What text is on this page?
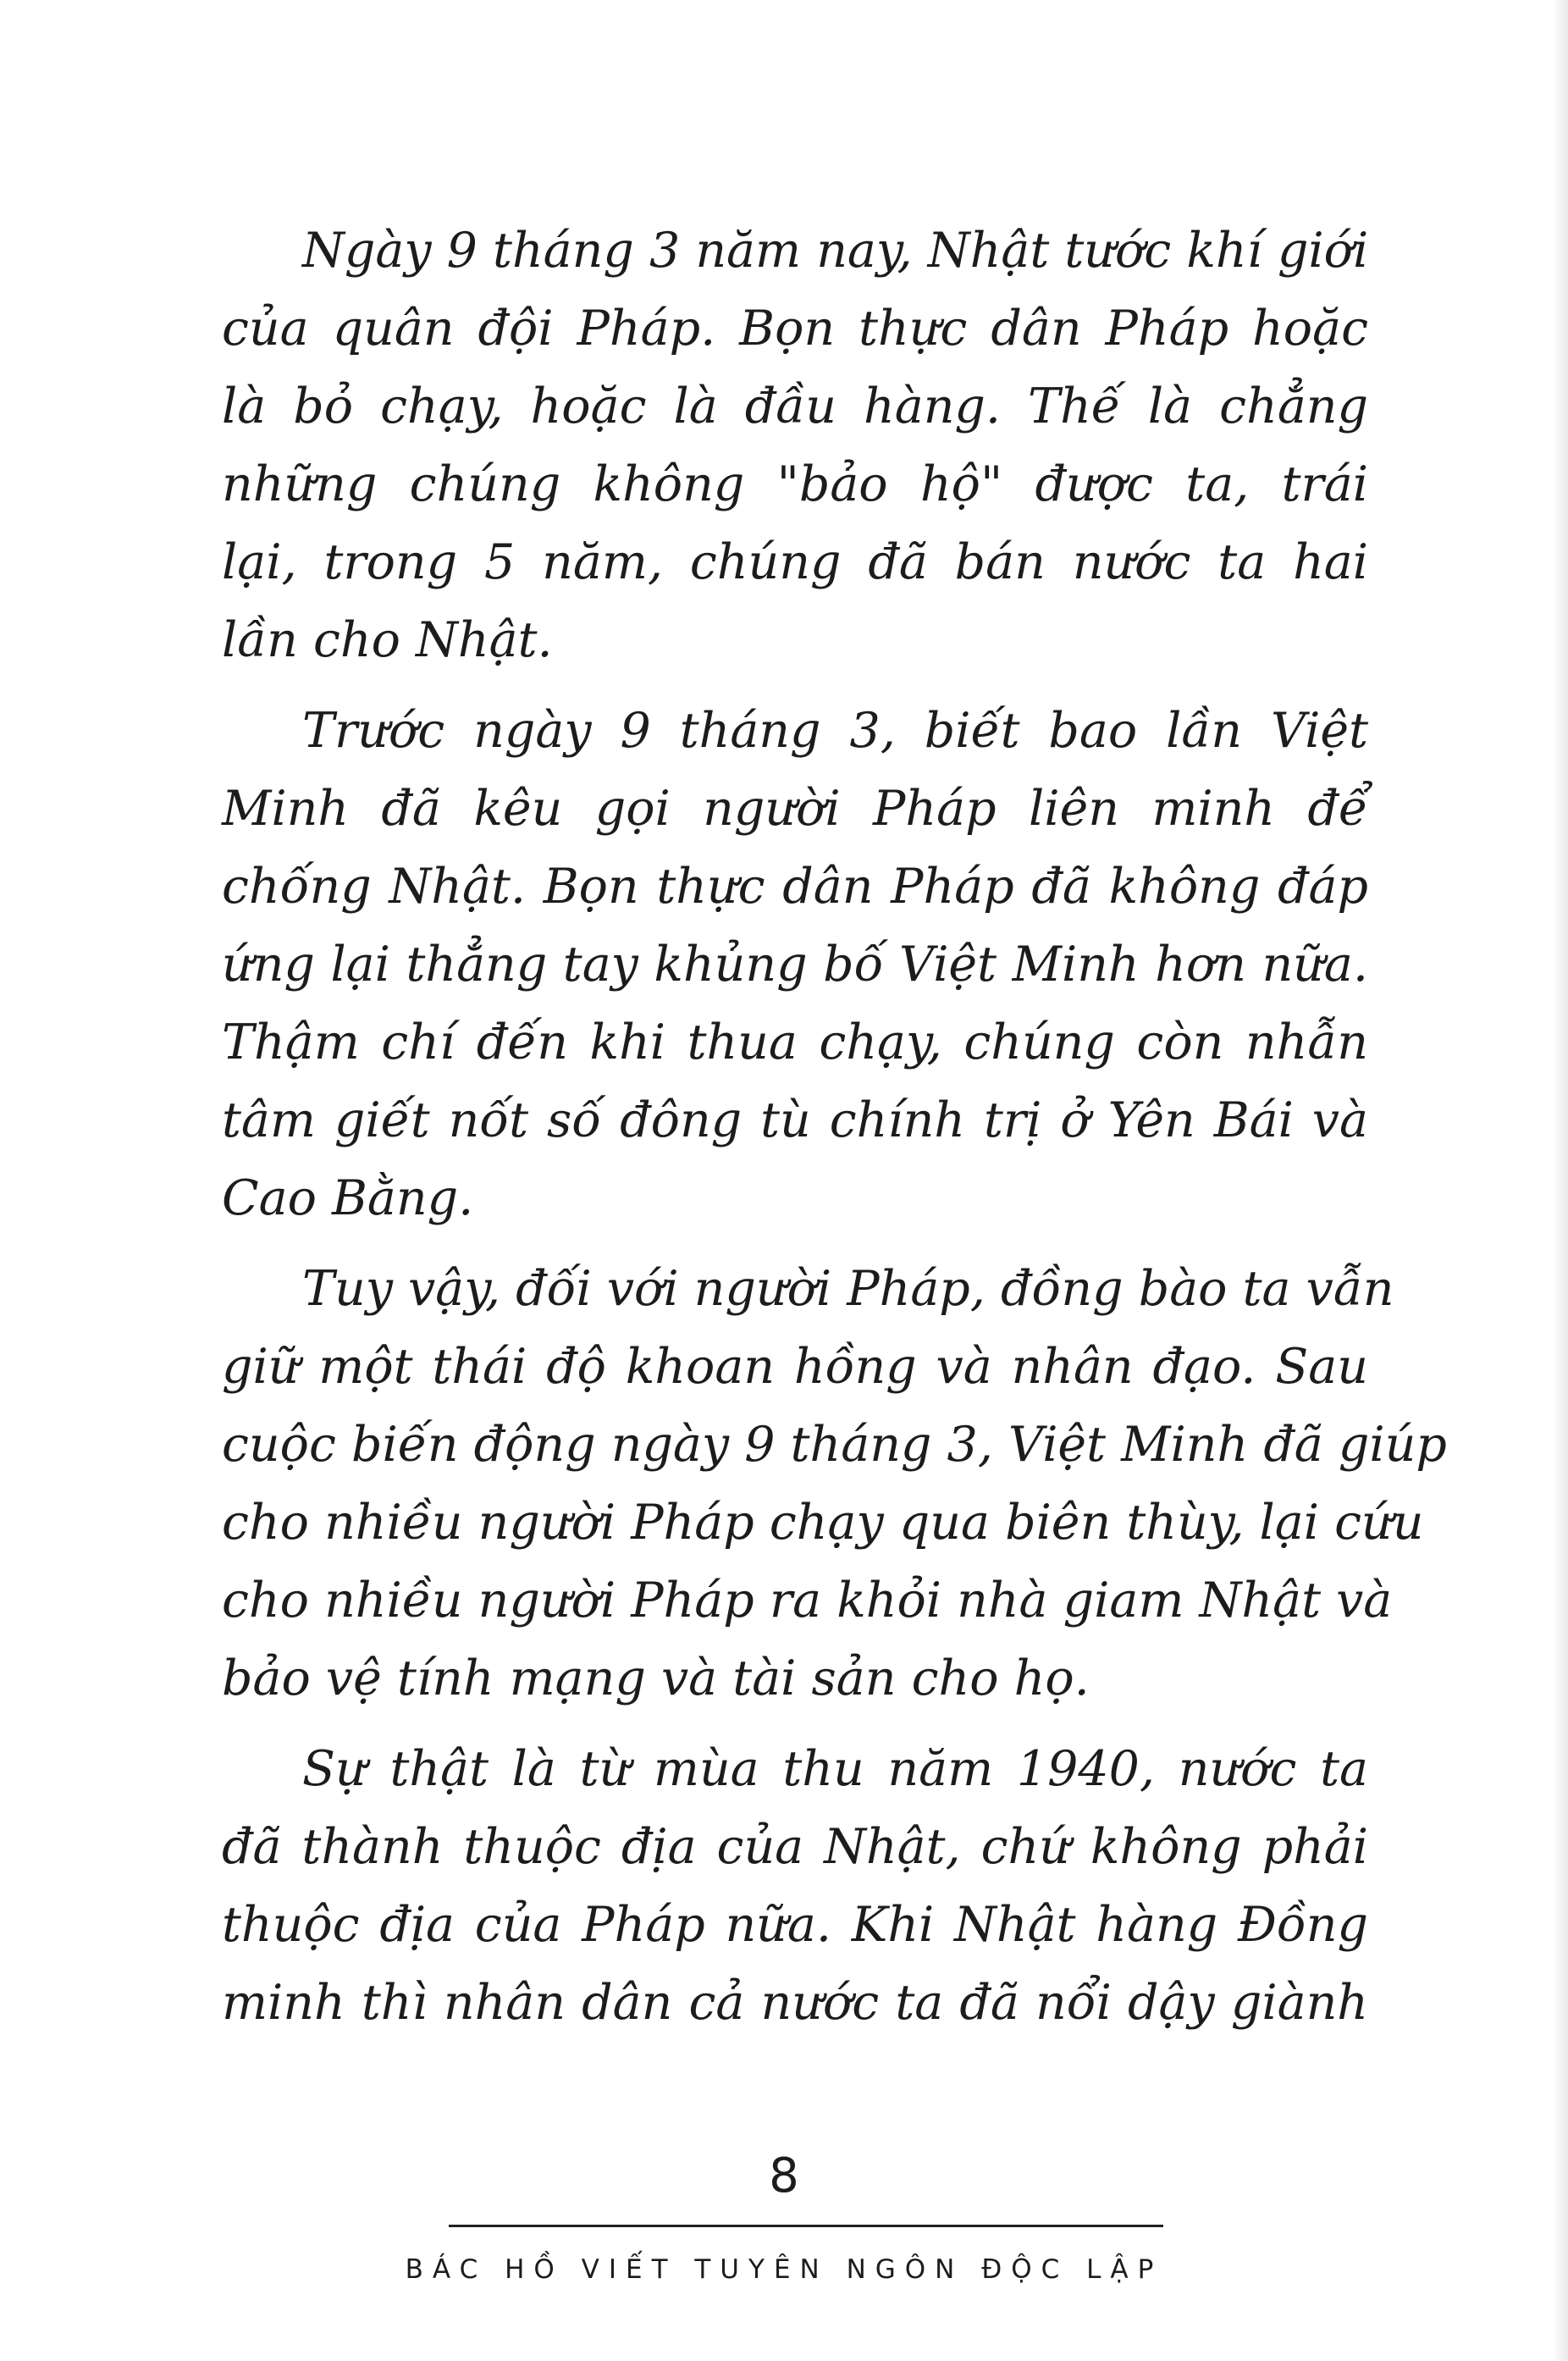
Ngày 9 tháng 3 năm nay, Nhật tước khí giới
của quân đội Pháp. Bọn thực dân Pháp hoặc
là bỏ chạy, hoặc là đầu hàng. Thế là chẳng
những chúng không "bảo hộ" được ta, trái
lại, trong 5 năm, chúng đã bán nước ta hai
lần cho Nhật.

Trước ngày 9 tháng 3, biết bao lần Việt
Minh đã kêu gọi người Pháp liên minh để
chống Nhật. Bọn thực dân Pháp đã không đáp
ứng lại thẳng tay khủng bố Việt Minh hơn nữa.
Thậm chí đến khi thua chạy, chúng còn nhẫn
tâm giết nốt số đông tù chính trị ở Yên Bái và
Cao Bằng.

Tuy vậy, đối với người Pháp, đồng bào ta vẫn
giữ một thái độ khoan hồng và nhân đạo. Sau
cuộc biến động ngày 9 tháng 3, Việt Minh đã giúp
cho nhiều người Pháp chạy qua biên thùy, lại cứu
cho nhiều người Pháp ra khỏi nhà giam Nhật và
bảo vệ tính mạng và tài sản cho họ.

Sự thật là từ mùa thu năm 1940, nước ta
đã thành thuộc địa của Nhật, chứ không phải
thuộc địa của Pháp nữa. Khi Nhật hàng Đồng
minh thì nhân dân cả nước ta đã nổi dậy giành

8
BÁC HỒ VIẾT TUYÊN NGÔN ĐỘC LẬP
